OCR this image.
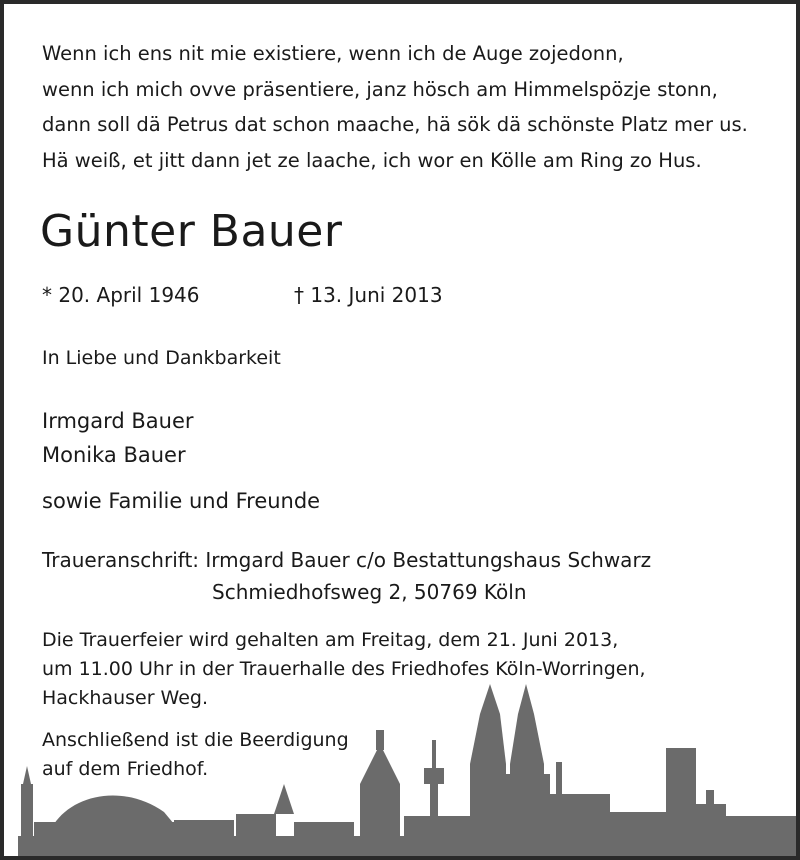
Wenn ich ens nit mie existiere, wenn ich de Auge zojedonn,
wenn ich mich ovve präsentiere, janz hösch am Himmelspözje stonn,
dann soll dä Petrus dat schon maache, hä sök dä schönste Platz mer us.
Hä weiß, et jitt dann jet ze laache, ich wor en Kölle am Ring zo Hus.
Günter Bauer
* 20. April 1946	† 13. Juni 2013
In Liebe und Dankbarkeit
Irmgard Bauer
Monika Bauer
sowie Familie und Freunde
Traueranschrift: Irmgard Bauer c/o Bestattungshaus Schwarz
Schmiedhofsweg 2, 50769 Köln
Die Trauerfeier wird gehalten am Freitag, dem 21. Juni 2013,
um 11.00 Uhr in der Trauerhalle des Friedhofes Köln-Worringen,
Hackhauser Weg.
Anschließend ist die Beerdigung
auf dem Friedhof.
